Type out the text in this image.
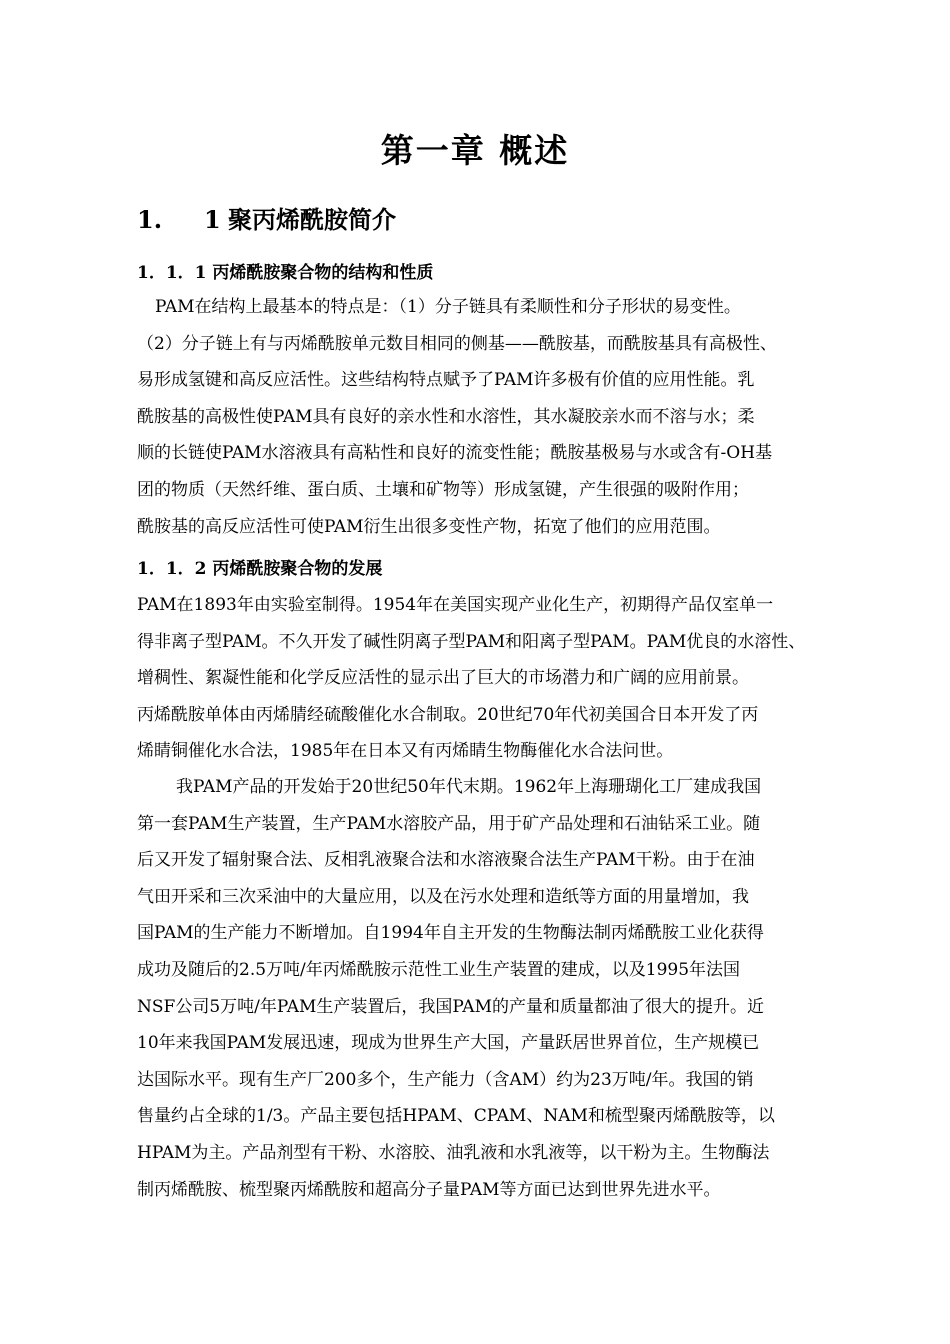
第一章 概述
1. 1 聚丙烯酰胺简介
1．1．1 丙烯酰胺聚合物的结构和性质
PAM在结构上最基本的特点是：（1）分子链具有柔顺性和分子形状的易变性。
（2）分子链上有与丙烯酰胺单元数目相同的侧基——酰胺基，而酰胺基具有高极性、
易形成氢键和高反应活性。这些结构特点赋予了PAM许多极有价值的应用性能。乳
酰胺基的高极性使PAM具有良好的亲水性和水溶性，其水凝胶亲水而不溶与水；柔
顺的长链使PAM水溶液具有高粘性和良好的流变性能；酰胺基极易与水或含有-OH基
团的物质（天然纤维、蛋白质、土壤和矿物等）形成氢键，产生很强的吸附作用；
酰胺基的高反应活性可使PAM衍生出很多变性产物，拓宽了他们的应用范围。
1．1．2 丙烯酰胺聚合物的发展
PAM在1893年由实验室制得。1954年在美国实现产业化生产，初期得产品仅室单一
得非离子型PAM。不久开发了碱性阴离子型PAM和阳离子型PAM。PAM优良的水溶性、
增稠性、絮凝性能和化学反应活性的显示出了巨大的市场潜力和广阔的应用前景。
丙烯酰胺单体由丙烯腈经硫酸催化水合制取。20世纪70年代初美国合日本开发了丙
烯睛铜催化水合法，1985年在日本又有丙烯睛生物酶催化水合法问世。
我PAM产品的开发始于20世纪50年代末期。1962年上海珊瑚化工厂建成我国
第一套PAM生产装置，生产PAM水溶胶产品，用于矿产品处理和石油钻采工业。随
后又开发了辐射聚合法、反相乳液聚合法和水溶液聚合法生产PAM干粉。由于在油
气田开采和三次采油中的大量应用，以及在污水处理和造纸等方面的用量增加，我
国PAM的生产能力不断增加。自1994年自主开发的生物酶法制丙烯酰胺工业化获得
成功及随后的2.5万吨/年丙烯酰胺示范性工业生产装置的建成，以及1995年法国
NSF公司5万吨/年PAM生产装置后，我国PAM的产量和质量都油了很大的提升。近
10年来我国PAM发展迅速，现成为世界生产大国，产量跃居世界首位，生产规模已
达国际水平。现有生产厂200多个，生产能力（含AM）约为23万吨/年。我国的销
售量约占全球的1/3。产品主要包括HPAM、CPAM、NAM和梳型聚丙烯酰胺等，以
HPAM为主。产品剂型有干粉、水溶胶、油乳液和水乳液等，以干粉为主。生物酶法
制丙烯酰胺、梳型聚丙烯酰胺和超高分子量PAM等方面已达到世界先进水平。
